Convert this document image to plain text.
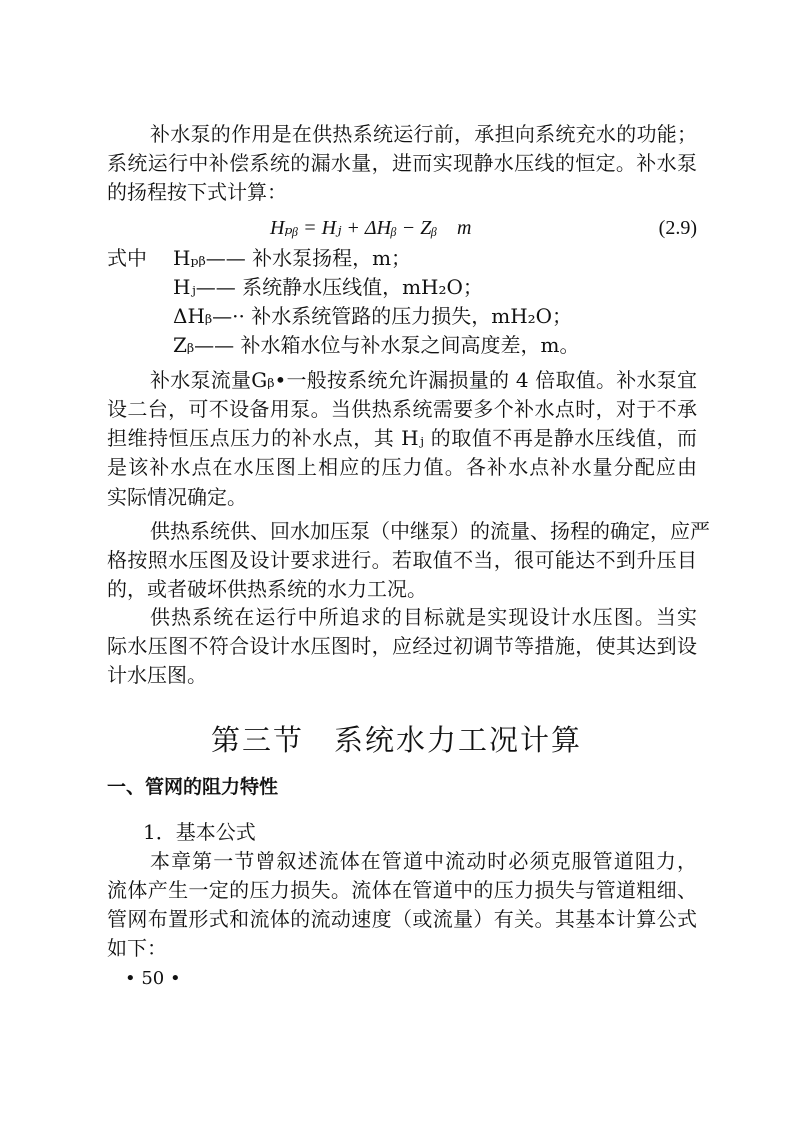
补水泵的作用是在供热系统运行前，承担向系统充水的功能；
系统运行中补偿系统的漏水量，进而实现静水压线的恒定。补水泵
的扬程按下式计算：
Hₚᵦ = Hⱼ + ΔHᵦ − Zᵦ　m	(2.9)
式中 Hₚᵦ—— 补水泵扬程，m；
Hⱼ—— 系统静水压线值，mH₂O；
ΔHᵦ—·· 补水系统管路的压力损失，mH₂O；
Zᵦ—— 补水箱水位与补水泵之间高度差，m。
补水泵流量Gᵦ•一般按系统允许漏损量的 4 倍取值。补水泵宜
设二台，可不设备用泵。当供热系统需要多个补水点时，对于不承
担维持恒压点压力的补水点，其 Hⱼ 的取值不再是静水压线值，而
是该补水点在水压图上相应的压力值。各补水点补水量分配应由
实际情况确定。
供热系统供、回水加压泵（中继泵）的流量、扬程的确定，应严
格按照水压图及设计要求进行。若取值不当，很可能达不到升压目
的，或者破坏供热系统的水力工况。
供热系统在运行中所追求的目标就是实现设计水压图。当实
际水压图不符合设计水压图时，应经过初调节等措施，使其达到设
计水压图。
第三节 系统水力工况计算
一、管网的阻力特性
1．基本公式
本章第一节曾叙述流体在管道中流动时必须克服管道阻力，
流体产生一定的压力损失。流体在管道中的压力损失与管道粗细、
管网布置形式和流体的流动速度（或流量）有关。其基本计算公式
如下：
• 50 •
